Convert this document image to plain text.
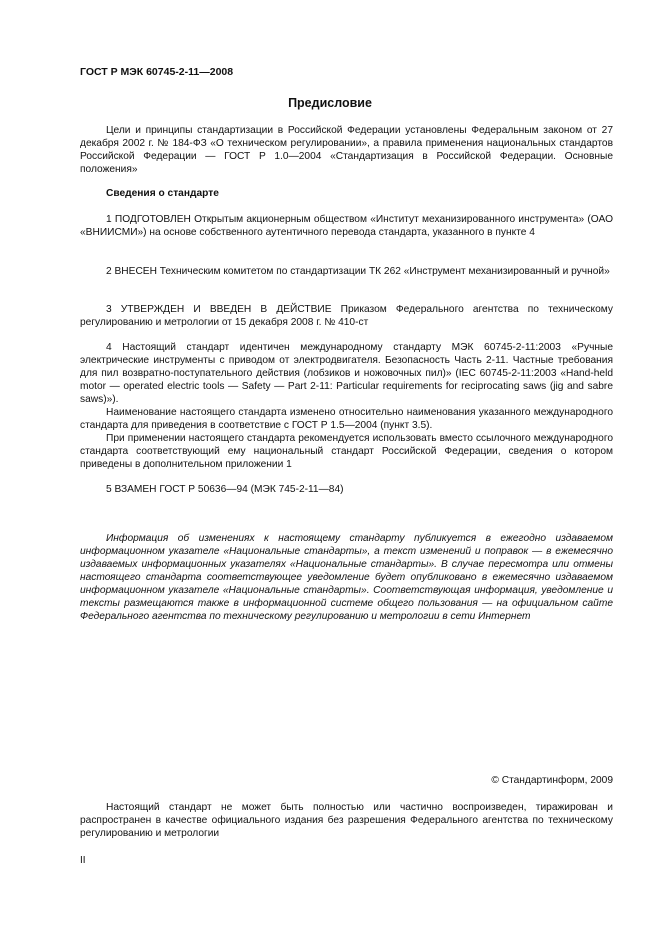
ГОСТ Р МЭК 60745-2-11—2008
Предисловие

Цели и принципы стандартизации в Российской Федерации установлены Федеральным законом от 27 декабря 2002 г. № 184-ФЗ «О техническом регулировании», а правила применения национальных стандартов Российской Федерации — ГОСТ Р 1.0—2004 «Стандартизация в Российской Федерации. Основные положения»

Сведения о стандарте

1 ПОДГОТОВЛЕН Открытым акционерным обществом «Институт механизированного инструмента» (ОАО «ВНИИСМИ») на основе собственного аутентичного перевода стандарта, указанного в пункте 4

2 ВНЕСЕН Техническим комитетом по стандартизации ТК 262 «Инструмент механизированный и ручной»

3 УТВЕРЖДЕН И ВВЕДЕН В ДЕЙСТВИЕ Приказом Федерального агентства по техническому регулированию и метрологии от 15 декабря 2008 г. № 410-ст

4 Настоящий стандарт идентичен международному стандарту МЭК 60745-2-11:2003 «Ручные электрические инструменты с приводом от электродвигателя. Безопасность Часть 2-11. Частные требования для пил возвратно-поступательного действия (лобзиков и ножовочных пил)» (IEC 60745-2-11:2003 «Hand-held motor — operated electric tools — Safety — Part 2-11: Particular requirements for reciprocating saws (jig and sabre saws)»).

Наименование настоящего стандарта изменено относительно наименования указанного международного стандарта для приведения в соответствие с ГОСТ Р 1.5—2004 (пункт 3.5).

При применении настоящего стандарта рекомендуется использовать вместо ссылочного международного стандарта соответствующий ему национальный стандарт Российской Федерации, сведения о котором приведены в дополнительном приложении 1

5 ВЗАМЕН ГОСТ Р 50636—94 (МЭК 745-2-11—84)

Информация об изменениях к настоящему стандарту публикуется в ежегодно издаваемом информационном указателе «Национальные стандарты», а текст изменений и поправок — в ежемесячно издаваемых информационных указателях «Национальные стандарты». В случае пересмотра или отмены настоящего стандарта соответствующее уведомление будет опубликовано в ежемесячно издаваемом информационном указателе «Национальные стандарты». Соответствующая информация, уведомление и тексты размещаются также в информационной системе общего пользования — на официальном сайте Федерального агентства по техническому регулированию и метрологии в сети Интернет

© Стандартинформ, 2009

Настоящий стандарт не может быть полностью или частично воспроизведен, тиражирован и распространен в качестве официального издания без разрешения Федерального агентства по техническому регулированию и метрологии

II
